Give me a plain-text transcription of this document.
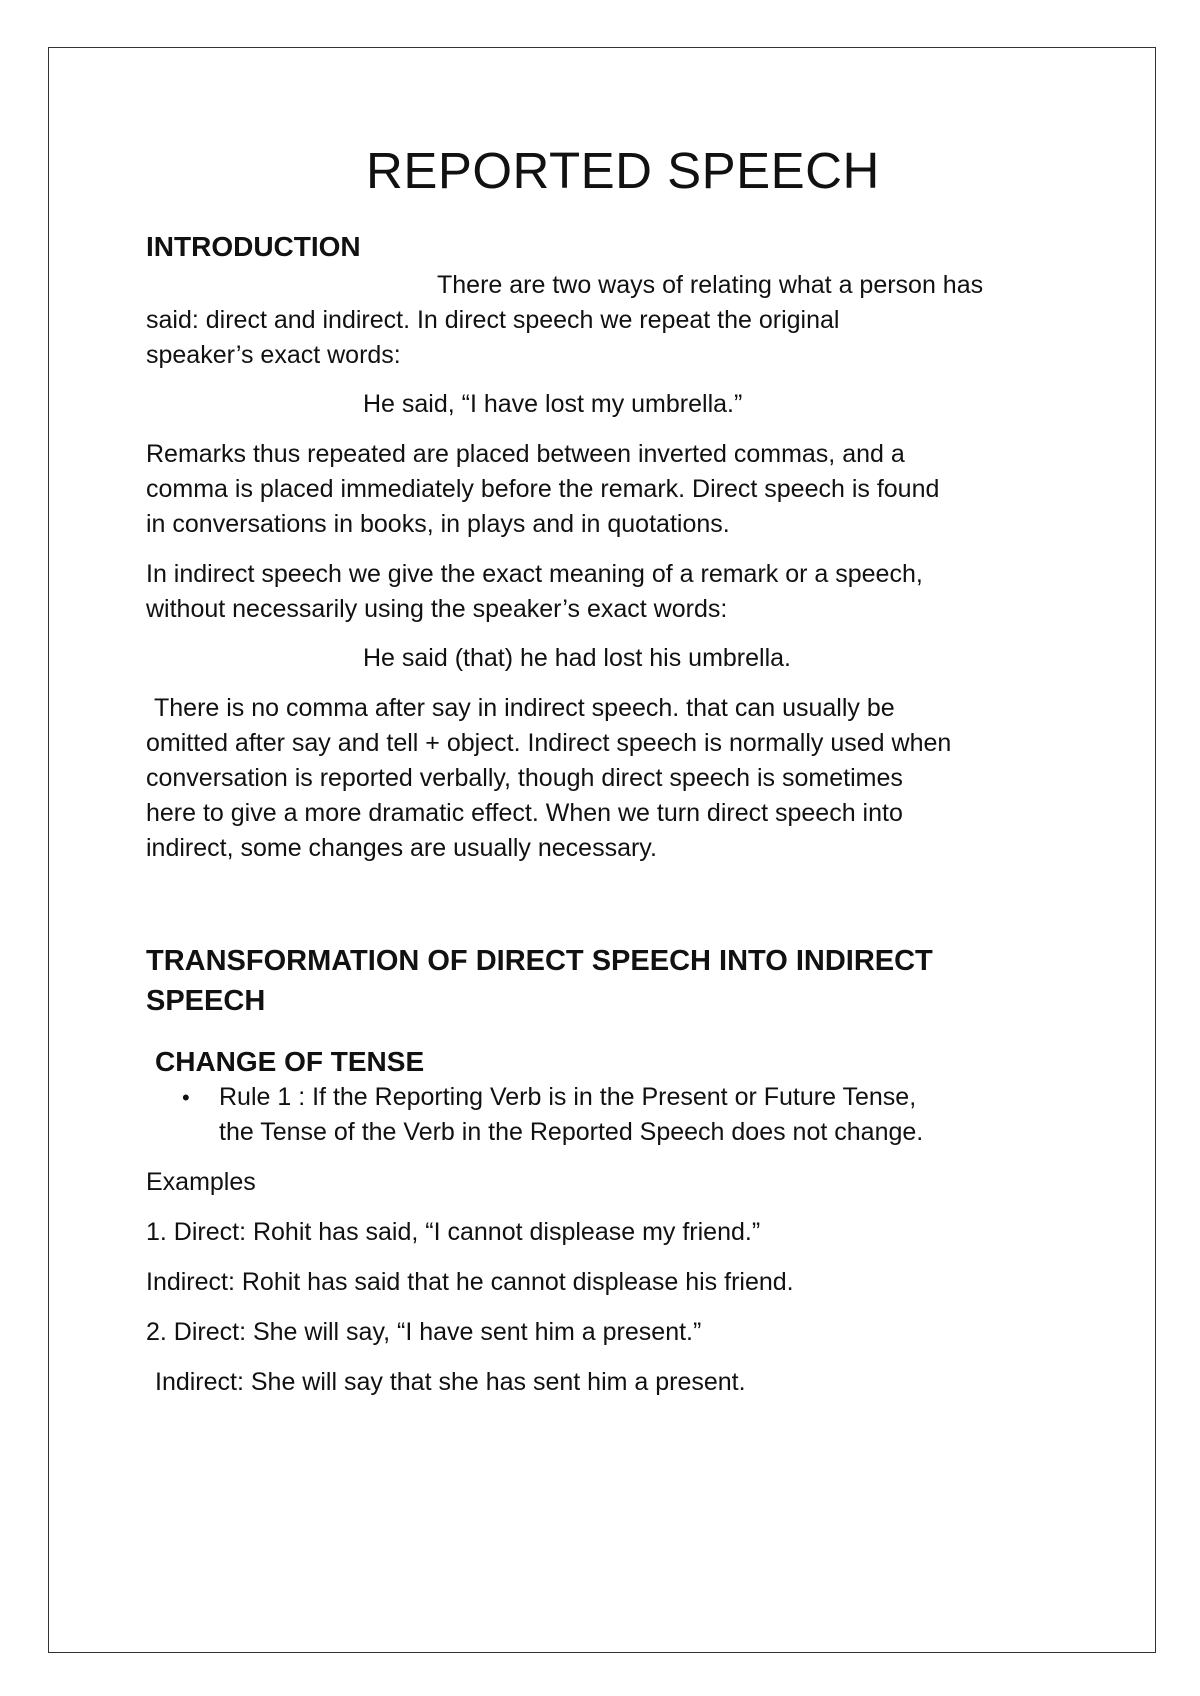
REPORTED SPEECH
INTRODUCTION

There are two ways of relating what a person has

said: direct and indirect. In direct speech we repeat the original

speaker’s exact words:

He said, “I have lost my umbrella.”

Remarks thus repeated are placed between inverted commas, and a

comma is placed immediately before the remark. Direct speech is found

in conversations in books, in plays and in quotations.

In indirect speech we give the exact meaning of a remark or a speech,

without necessarily using the speaker’s exact words:

He said (that) he had lost his umbrella.

There is no comma after say in indirect speech. that can usually be

omitted after say and tell + object. Indirect speech is normally used when

conversation is reported verbally, though direct speech is sometimes

here to give a more dramatic effect. When we turn direct speech into

indirect, some changes are usually necessary.

TRANSFORMATION OF DIRECT SPEECH INTO INDIRECT
SPEECH
CHANGE OF TENSE
• Rule 1 : If the Reporting Verb is in the Present or Future Tense,
the Tense of the Verb in the Reported Speech does not change.

Examples

1. Direct: Rohit has said, “I cannot displease my friend.”

Indirect: Rohit has said that he cannot displease his friend.

2. Direct: She will say, “I have sent him a present.”

Indirect: She will say that she has sent him a present.
